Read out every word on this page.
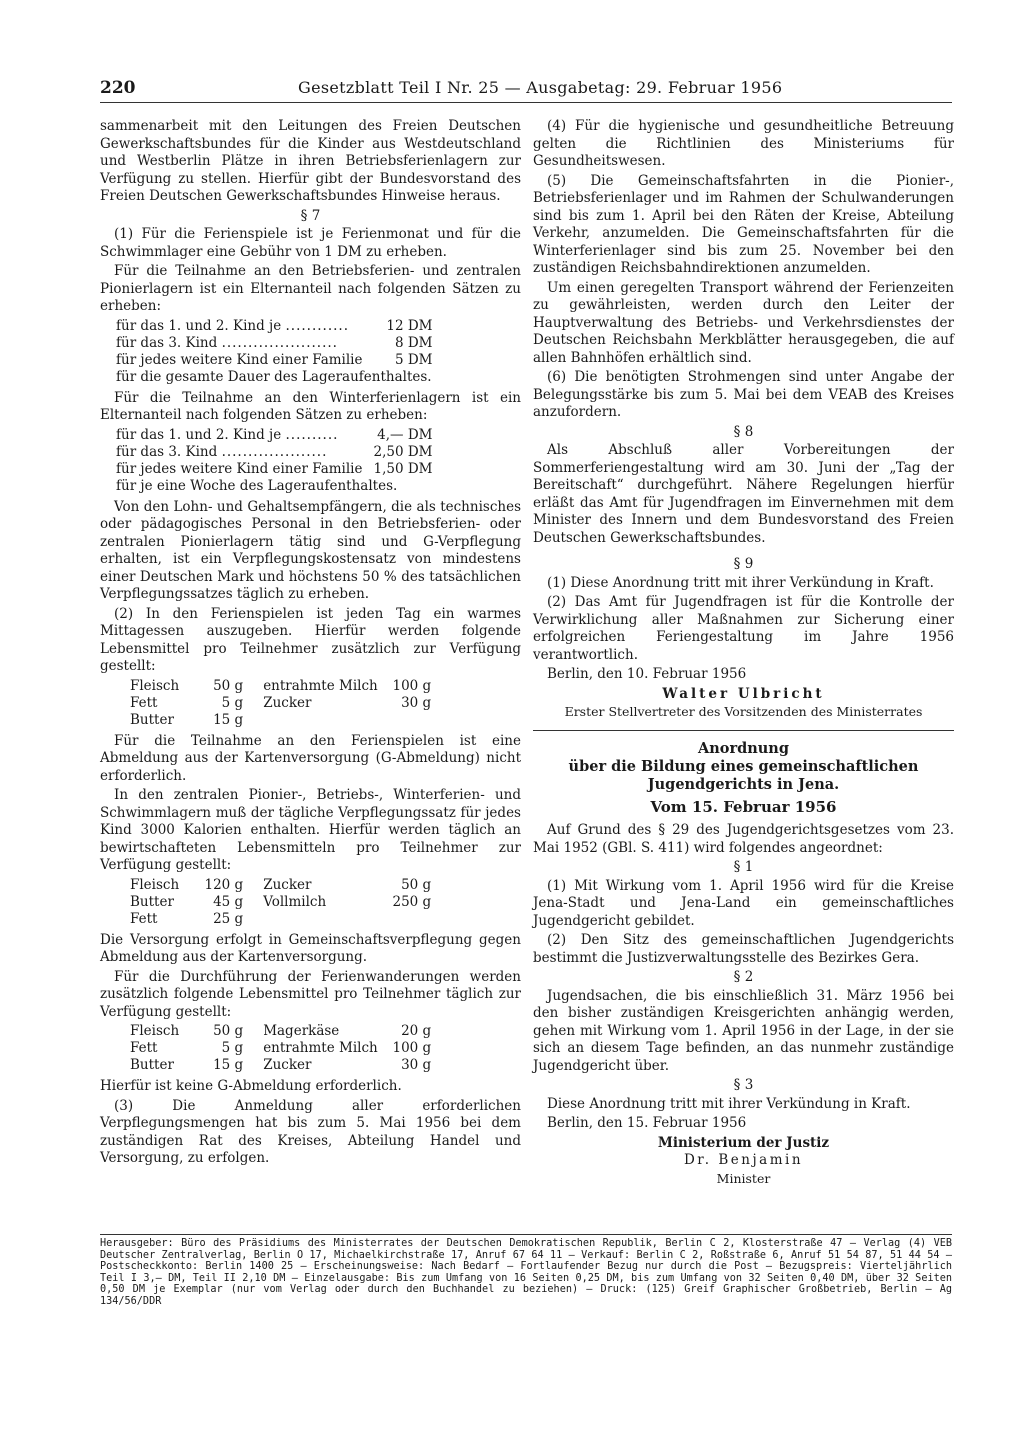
220	Gesetzblatt Teil I Nr. 25 — Ausgabetag: 29. Februar 1956

sammenarbeit mit den Leitungen des Freien Deutschen Gewerkschaftsbundes für die Kinder aus Westdeutschland und Westberlin Plätze in ihren Betriebsferienlagern zur Verfügung zu stellen. Hierfür gibt der Bundesvorstand des Freien Deutschen Gewerkschaftsbundes Hinweise heraus.

§ 7

(1) Für die Ferienspiele ist je Ferienmonat und für die Schwimmlager eine Gebühr von 1 DM zu erheben.

Für die Teilnahme an den Betriebsferien- und zentralen Pionierlagern ist ein Elternanteil nach folgenden Sätzen zu erheben:

für das 1. und 2. Kind je ............	12 DM
für das 3. Kind ......................	8 DM
für jedes weitere Kind einer Familie	5 DM
für die gesamte Dauer des Lageraufenthaltes.	

Für die Teilnahme an den Winterferienlagern ist ein Elternanteil nach folgenden Sätzen zu erheben:

für das 1. und 2. Kind je ..........	4,— DM
für das 3. Kind ....................	2,50 DM
für jedes weitere Kind einer Familie	1,50 DM
für je eine Woche des Lageraufenthaltes.	

Von den Lohn- und Gehaltsempfängern, die als technisches oder pädagogisches Personal in den Betriebsferien- oder zentralen Pionierlagern tätig sind und G-Verpflegung erhalten, ist ein Verpflegungskostensatz von mindestens einer Deutschen Mark und höchstens 50 % des tatsächlichen Verpflegungssatzes täglich zu erheben.

(2) In den Ferienspielen ist jeden Tag ein warmes Mittagessen auszugeben. Hierfür werden folgende Lebensmittel pro Teilnehmer zusätzlich zur Verfügung gestellt:

Fleisch	50 g	entrahmte Milch	100 g
Fett	5 g	Zucker	30 g
Butter	15 g		

Für die Teilnahme an den Ferienspielen ist eine Abmeldung aus der Kartenversorgung (G-Abmeldung) nicht erforderlich.

In den zentralen Pionier-, Betriebs-, Winterferien- und Schwimmlagern muß der tägliche Verpflegungssatz für jedes Kind 3000 Kalorien enthalten. Hierfür werden täglich an bewirtschafteten Lebensmitteln pro Teilnehmer zur Verfügung gestellt:

Fleisch	120 g	Zucker	50 g
Butter	45 g	Vollmilch	250 g
Fett	25 g		

Die Versorgung erfolgt in Gemeinschaftsverpflegung gegen Abmeldung aus der Kartenversorgung.

Für die Durchführung der Ferienwanderungen werden zusätzlich folgende Lebensmittel pro Teilnehmer täglich zur Verfügung gestellt:

Fleisch	50 g	Magerkäse	20 g
Fett	5 g	entrahmte Milch	100 g
Butter	15 g	Zucker	30 g

Hierfür ist keine G-Abmeldung erforderlich.

(3) Die Anmeldung aller erforderlichen Verpflegungsmengen hat bis zum 5. Mai 1956 bei dem zuständigen Rat des Kreises, Abteilung Handel und Versorgung, zu erfolgen.

(4) Für die hygienische und gesundheitliche Betreuung gelten die Richtlinien des Ministeriums für Gesundheitswesen.

(5) Die Gemeinschaftsfahrten in die Pionier-, Betriebsferienlager und im Rahmen der Schulwanderungen sind bis zum 1. April bei den Räten der Kreise, Abteilung Verkehr, anzumelden. Die Gemeinschaftsfahrten für die Winterferienlager sind bis zum 25. November bei den zuständigen Reichsbahndirektionen anzumelden.

Um einen geregelten Transport während der Ferienzeiten zu gewährleisten, werden durch den Leiter der Hauptverwaltung des Betriebs- und Verkehrsdienstes der Deutschen Reichsbahn Merkblätter herausgegeben, die auf allen Bahnhöfen erhältlich sind.

(6) Die benötigten Strohmengen sind unter Angabe der Belegungsstärke bis zum 5. Mai bei dem VEAB des Kreises anzufordern.

§ 8

Als Abschluß aller Vorbereitungen der Sommerferiengestaltung wird am 30. Juni der „Tag der Bereitschaft“ durchgeführt. Nähere Regelungen hierfür erläßt das Amt für Jugendfragen im Einvernehmen mit dem Minister des Innern und dem Bundesvorstand des Freien Deutschen Gewerkschaftsbundes.

§ 9

(1) Diese Anordnung tritt mit ihrer Verkündung in Kraft.

(2) Das Amt für Jugendfragen ist für die Kontrolle der Verwirklichung aller Maßnahmen zur Sicherung einer erfolgreichen Feriengestaltung im Jahre 1956 verantwortlich.

Berlin, den 10. Februar 1956

Walter Ulbricht
Erster Stellvertreter des Vorsitzenden des Ministerrates
Anordnung
über die Bildung eines gemeinschaftlichen
Jugendgerichts in Jena.
Vom 15. Februar 1956

Auf Grund des § 29 des Jugendgerichtsgesetzes vom 23. Mai 1952 (GBl. S. 411) wird folgendes angeordnet:

§ 1

(1) Mit Wirkung vom 1. April 1956 wird für die Kreise Jena-Stadt und Jena-Land ein gemeinschaftliches Jugendgericht gebildet.

(2) Den Sitz des gemeinschaftlichen Jugendgerichts bestimmt die Justizverwaltungsstelle des Bezirkes Gera.

§ 2

Jugendsachen, die bis einschließlich 31. März 1956 bei den bisher zuständigen Kreisgerichten anhängig werden, gehen mit Wirkung vom 1. April 1956 in der Lage, in der sie sich an diesem Tage befinden, an das nunmehr zuständige Jugendgericht über.

§ 3

Diese Anordnung tritt mit ihrer Verkündung in Kraft.

Berlin, den 15. Februar 1956

Ministerium der Justiz
Dr. Benjamin
Minister
Herausgeber: Büro des Präsidiums des Ministerrates der Deutschen Demokratischen Republik, Berlin C 2, Klosterstraße 47 — Verlag (4) VEB Deutscher Zentralverlag, Berlin O 17, Michaelkirchstraße 17, Anruf 67 64 11 — Verkauf: Berlin C 2, Roßstraße 6, Anruf 51 54 87, 51 44 54 — Postscheckkonto: Berlin 1400 25 — Erscheinungsweise: Nach Bedarf — Fortlaufender Bezug nur durch die Post — Bezugspreis: Vierteljährlich Teil I 3,— DM, Teil II 2,10 DM — Einzelausgabe: Bis zum Umfang von 16 Seiten 0,25 DM, bis zum Umfang von 32 Seiten 0,40 DM, über 32 Seiten 0,50 DM je Exemplar (nur vom Verlag oder durch den Buchhandel zu beziehen) — Druck: (125) Greif Graphischer Großbetrieb, Berlin — Ag 134/56/DDR
